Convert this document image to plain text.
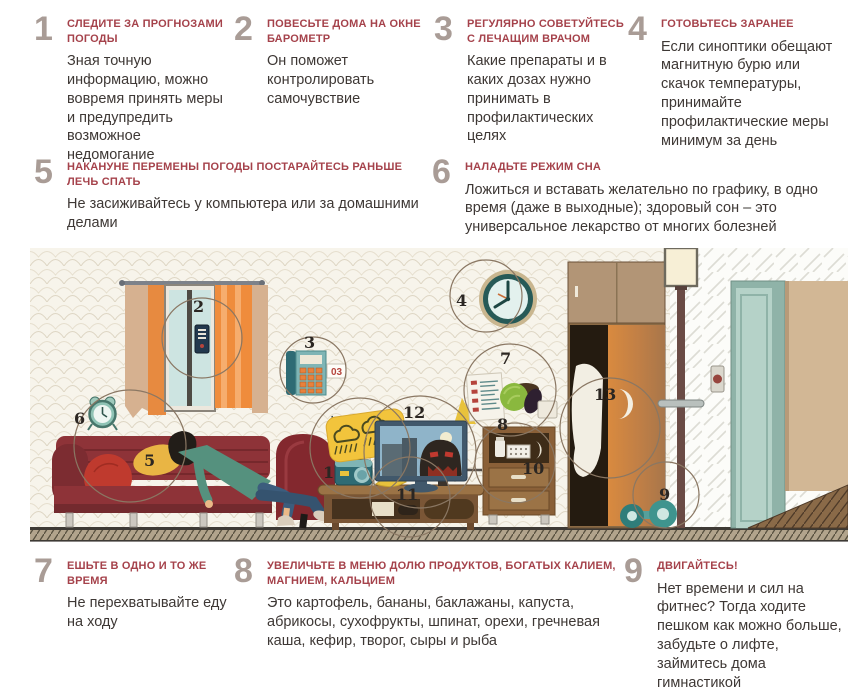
1	СЛЕДИТЕ ЗА ПРОГНОЗАМИ ПОГОДЫ

Зная точную информацию, можно вовремя принять меры и предупредить возможное недомогание

2	ПОВЕСЬТЕ ДОМА НА ОКНЕ БАРОМЕТР

Он поможет контролировать самочувствие

3	РЕГУЛЯРНО СОВЕТУЙТЕСЬ С ЛЕЧАЩИМ ВРАЧОМ

Какие препараты и в каких дозах нужно принимать в профилактических целях

4	ГОТОВЬТЕСЬ ЗАРАНЕЕ

Если синоптики обещают магнитную бурю или скачок температуры, принимайте профилактические меры минимум за день

5	НАКАНУНЕ ПЕРЕМЕНЫ ПОГОДЫ ПОСТАРАЙТЕСЬ РАНЬШЕ ЛЕЧЬ СПАТЬ

Не засиживайтесь у компьютера или за домашними делами

6	НАЛАДЬТЕ РЕЖИМ СНА

Ложиться и вставать желательно по графику, в одно время (даже в выходные); здоровый сон – это универсальное лекарство от многих болезней

03
1
2
3
4
5
6
7
8
9
10
11
12
13
7	ЕШЬТЕ В ОДНО И ТО ЖЕ ВРЕМЯ

Не перехватывайте еду на ходу

8	УВЕЛИЧЬТЕ В МЕНЮ ДОЛЮ ПРОДУКТОВ, БОГАТЫХ КАЛИЕМ, МАГНИЕМ, КАЛЬЦИЕМ

Это картофель, бананы, баклажаны, капуста, абрикосы, сухофрукты, шпинат, орехи, гречневая каша, кефир, творог, сыры и рыба

9	ДВИГАЙТЕСЬ!

Нет времени и сил на фитнес? Тогда ходите пешком как можно больше, забудьте о лифте, займитесь дома гимнастикой
